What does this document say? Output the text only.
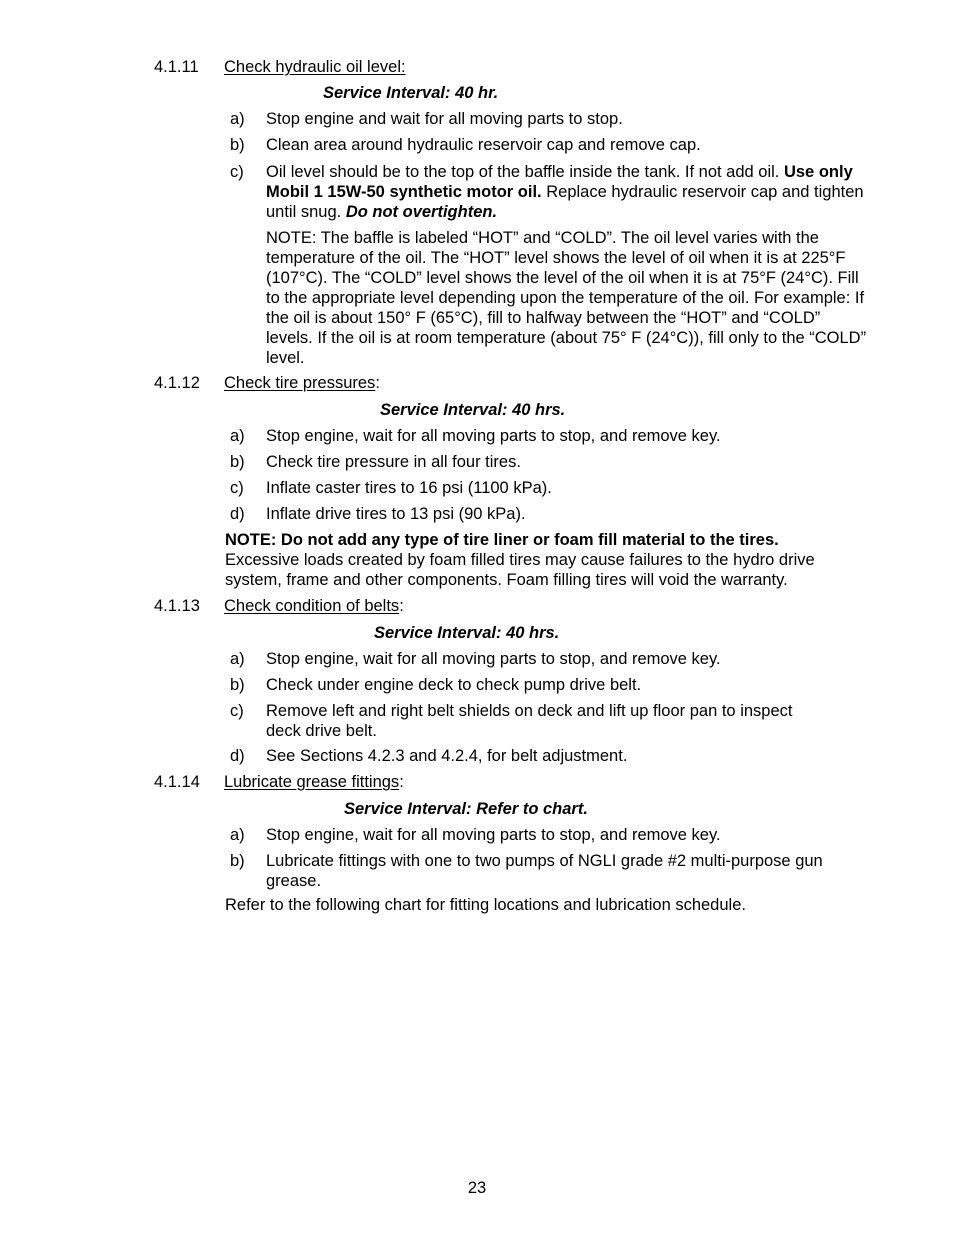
4.1.11 Check hydraulic oil level:
Service Interval: 40 hr.
a) Stop engine and wait for all moving parts to stop.
b) Clean area around hydraulic reservoir cap and remove cap.
c) Oil level should be to the top of the baffle inside the tank. If not add oil. Use only Mobil 1 15W-50 synthetic motor oil. Replace hydraulic reservoir cap and tighten until snug. Do not overtighten.
NOTE: The baffle is labeled “HOT” and “COLD”. The oil level varies with the temperature of the oil. The “HOT” level shows the level of oil when it is at 225°F (107°C). The “COLD” level shows the level of the oil when it is at 75°F (24°C). Fill to the appropriate level depending upon the temperature of the oil. For example: If the oil is about 150° F (65°C), fill to halfway between the “HOT” and “COLD” levels. If the oil is at room temperature (about 75° F (24°C)), fill only to the “COLD” level.
4.1.12 Check tire pressures:
Service Interval: 40 hrs.
a) Stop engine, wait for all moving parts to stop, and remove key.
b) Check tire pressure in all four tires.
c) Inflate caster tires to 16 psi (1100 kPa).
d) Inflate drive tires to 13 psi (90 kPa).
NOTE: Do not add any type of tire liner or foam fill material to the tires.
Excessive loads created by foam filled tires may cause failures to the hydro drive system, frame and other components. Foam filling tires will void the warranty.
4.1.13 Check condition of belts:
Service Interval: 40 hrs.
a) Stop engine, wait for all moving parts to stop, and remove key.
b) Check under engine deck to check pump drive belt.
c) Remove left and right belt shields on deck and lift up floor pan to inspect deck drive belt.
d) See Sections 4.2.3 and 4.2.4, for belt adjustment.
4.1.14 Lubricate grease fittings:
Service Interval: Refer to chart.
a) Stop engine, wait for all moving parts to stop, and remove key.
b) Lubricate fittings with one to two pumps of NGLI grade #2 multi-purpose gun grease.
Refer to the following chart for fitting locations and lubrication schedule.
23
